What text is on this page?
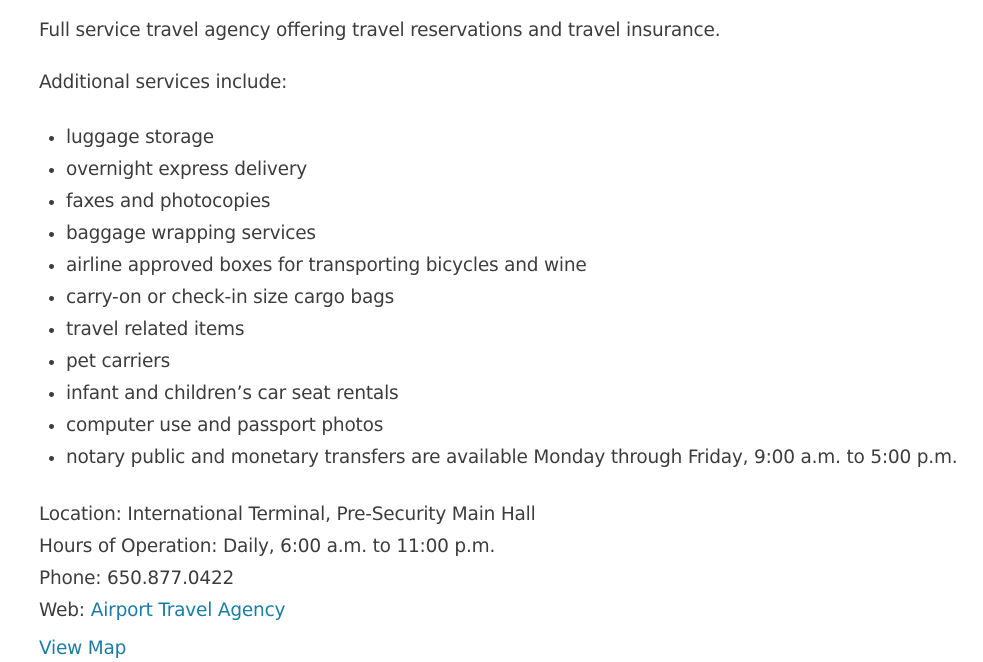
Full service travel agency offering travel reservations and travel insurance.

Additional services include:

• luggage storage
• overnight express delivery
• faxes and photocopies
• baggage wrapping services
• airline approved boxes for transporting bicycles and wine
• carry-on or check-in size cargo bags
• travel related items
• pet carriers
• infant and children’s car seat rentals
• computer use and passport photos
• notary public and monetary transfers are available Monday through Friday, 9:00 a.m. to 5:00 p.m.

Location: International Terminal, Pre-Security Main Hall

Hours of Operation: Daily, 6:00 a.m. to 11:00 p.m.

Phone: 650.877.0422

Web: Airport Travel Agency

View Map
